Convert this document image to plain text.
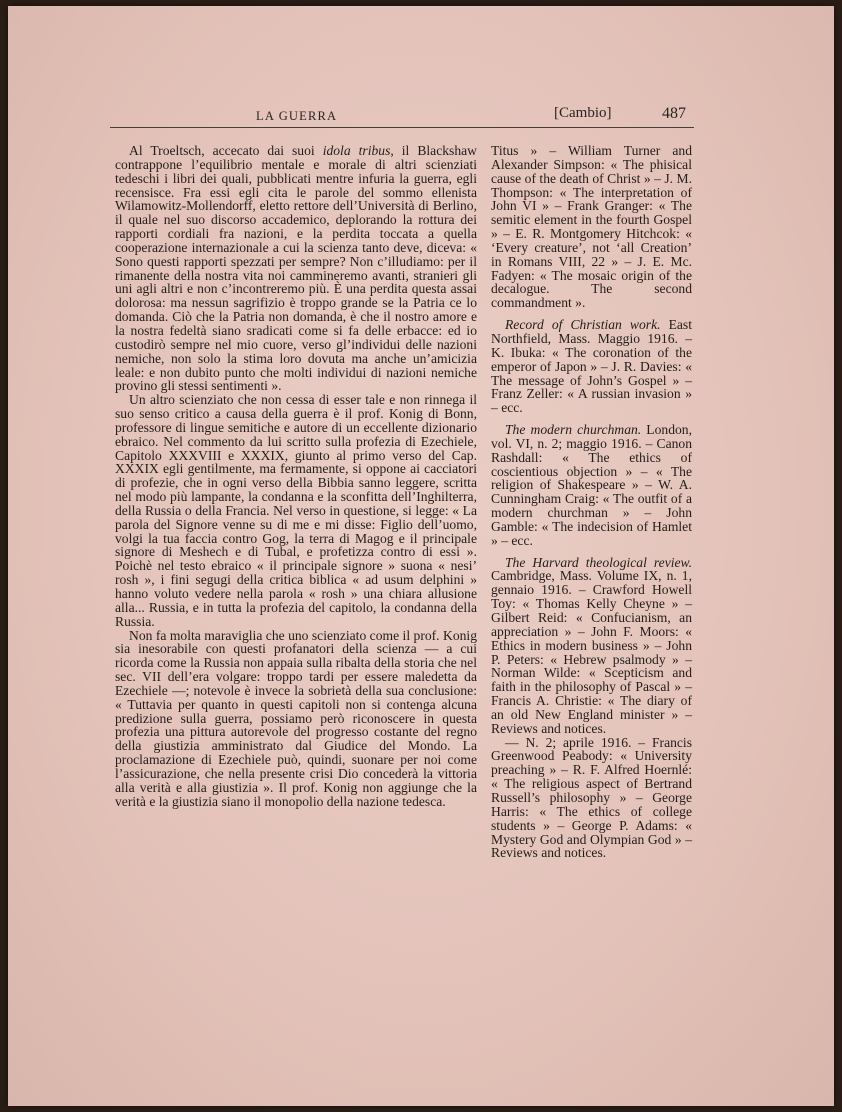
LA GUERRA	[Cambio]	487

Al Troeltsch, accecato dai suoi idola tribus, il Blackshaw contrappone l’equilibrio mentale e morale di altri scienziati tedeschi i libri dei quali, pubblicati mentre infuria la guerra, egli recensisce. Fra essi egli cita le parole del sommo ellenista Wilamowitz-Mollendorff, eletto rettore dell’Università di Berlino, il quale nel suo discorso accademico, deplorando la rottura dei rapporti cordiali fra nazioni, e la perdita toccata a quella cooperazione internazionale a cui la scienza tanto deve, diceva: « Sono questi rapporti spezzati per sempre? Non c’illudiamo: per il rimanente della nostra vita noi cammineremo avanti, stranieri gli uni agli altri e non c’incontreremo più. È una perdita questa assai dolorosa: ma nessun sagrifizio è troppo grande se la Patria ce lo domanda. Ciò che la Patria non domanda, è che il nostro amore e la nostra fedeltà siano sradicati come si fa delle erbacce: ed io custodirò sempre nel mio cuore, verso gl’individui delle nazioni nemiche, non solo la stima loro dovuta ma anche un’amicizia leale: e non dubito punto che molti individui di nazioni nemiche provino gli stessi sentimenti ».

Un altro scienziato che non cessa di esser tale e non rinnega il suo senso critico a causa della guerra è il prof. Konig di Bonn, professore di lingue semitiche e autore di un eccellente dizionario ebraico. Nel commento da lui scritto sulla profezia di Ezechiele, Capitolo XXXVIII e XXXIX, giunto al primo verso del Cap. XXXIX egli gentilmente, ma fermamente, si oppone ai cacciatori di profezie, che in ogni verso della Bibbia sanno leggere, scritta nel modo più lampante, la condanna e la sconfitta dell’Inghilterra, della Russia o della Francia. Nel verso in questione, si legge: « La parola del Signore venne su di me e mi disse: Figlio dell’uomo, volgi la tua faccia contro Gog, la terra di Magog e il principale signore di Meshech e di Tubal, e profetizza contro di essi ». Poichè nel testo ebraico « il principale signore » suona « nesi’ rosh », i fini segugi della critica biblica « ad usum delphini » hanno voluto vedere nella parola « rosh » una chiara allusione alla... Russia, e in tutta la profezia del capitolo, la condanna della Russia.

Non fa molta maraviglia che uno scienziato come il prof. Konig sia inesorabile con questi profanatori della scienza — a cui ricorda come la Russia non appaia sulla ribalta della storia che nel sec. VII dell’era volgare: troppo tardi per essere maledetta da Ezechiele —; notevole è invece la sobrietà della sua conclusione: « Tuttavia per quanto in questi capitoli non si contenga alcuna predizione sulla guerra, possiamo però riconoscere in questa profezia una pittura autorevole del progresso costante del regno della giustizia amministrato dal Giudice del Mondo. La proclamazione di Ezechiele può, quindi, suonare per noi come l’assicurazione, che nella presente crisi Dio concederà la vittoria alla verità e alla giustizia ». Il prof. Konig non aggiunge che la verità e la giustizia siano il monopolio della nazione tedesca.

Titus » – William Turner and Alexander Simpson: « The phisical cause of the death of Christ » – J. M. Thompson: « The interpretation of John VI » – Frank Granger: « The semitic element in the fourth Gospel » – E. R. Montgomery Hitchcok: « ‘Every creature’, not ‘all Creation’ in Romans VIII, 22 » – J. E. Mc. Fadyen: « The mosaic origin of the decalogue. The second commandment ».

Record of Christian work. East Northfield, Mass. Maggio 1916. – K. Ibuka: « The coronation of the emperor of Japon » – J. R. Davies: « The message of John’s Gospel » – Franz Zeller: « A russian invasion » – ecc.

The modern churchman. London, vol. VI, n. 2; maggio 1916. – Canon Rashdall: « The ethics of coscientious objection » – « The religion of Shakespeare » – W. A. Cunningham Craig: « The outfit of a modern churchman » – John Gamble: « The indecision of Hamlet » – ecc.

The Harvard theological review. Cambridge, Mass. Volume IX, n. 1, gennaio 1916. – Crawford Howell Toy: « Thomas Kelly Cheyne » – Gilbert Reid: « Confucianism, an appreciation » – John F. Moors: « Ethics in modern business » – John P. Peters: « Hebrew psalmody » – Norman Wilde: « Scepticism and faith in the philosophy of Pascal » – Francis A. Christie: « The diary of an old New England minister » – Reviews and notices.

— N. 2; aprile 1916. – Francis Greenwood Peabody: « University preaching » – R. F. Alfred Hoernlé: « The religious aspect of Bertrand Russell’s philosophy » – George Harris: « The ethics of college students » – George P. Adams: « Mystery God and Olympian God » – Reviews and notices.
